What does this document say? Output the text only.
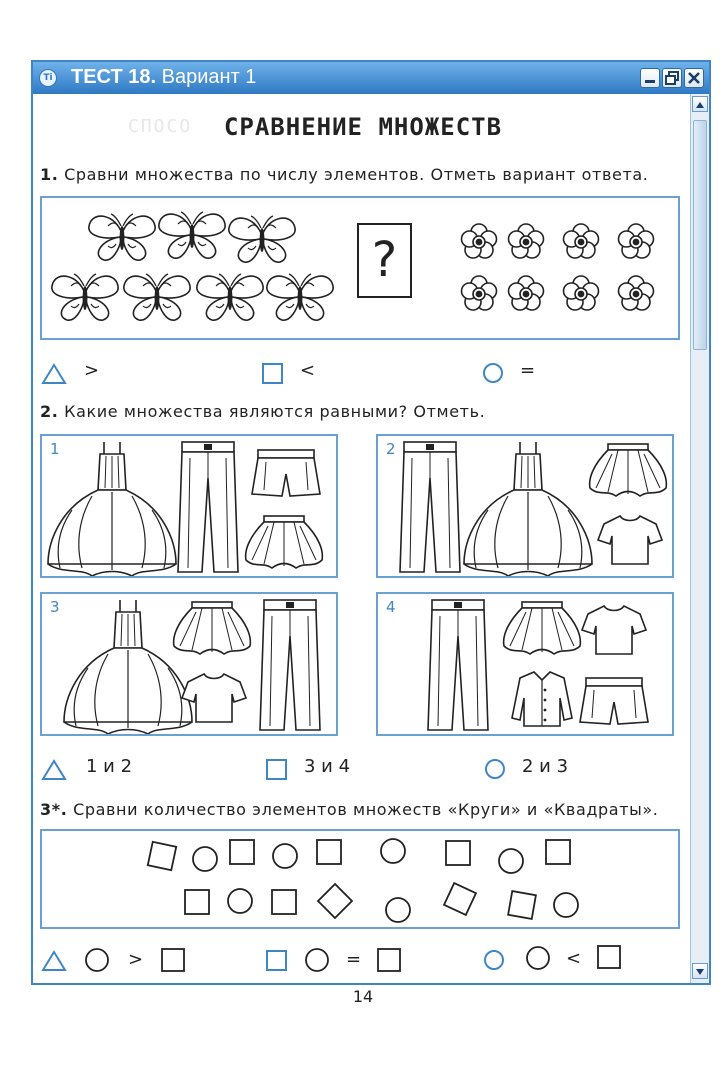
Ti ТЕСТ 18. Вариант 1
СПОСО	СРАВНЕНИЕ МНОЖЕСТВ
1. Сравни множества по числу элементов. Отметь вариант ответа.
?
>	<	=
2. Какие множества являются равными? Отметь.
1	2
3	4
1 и 2	3 и 4	2 и 3
3*. Сравни количество элементов множеств «Круги» и «Квадраты».
>	=	<
14
